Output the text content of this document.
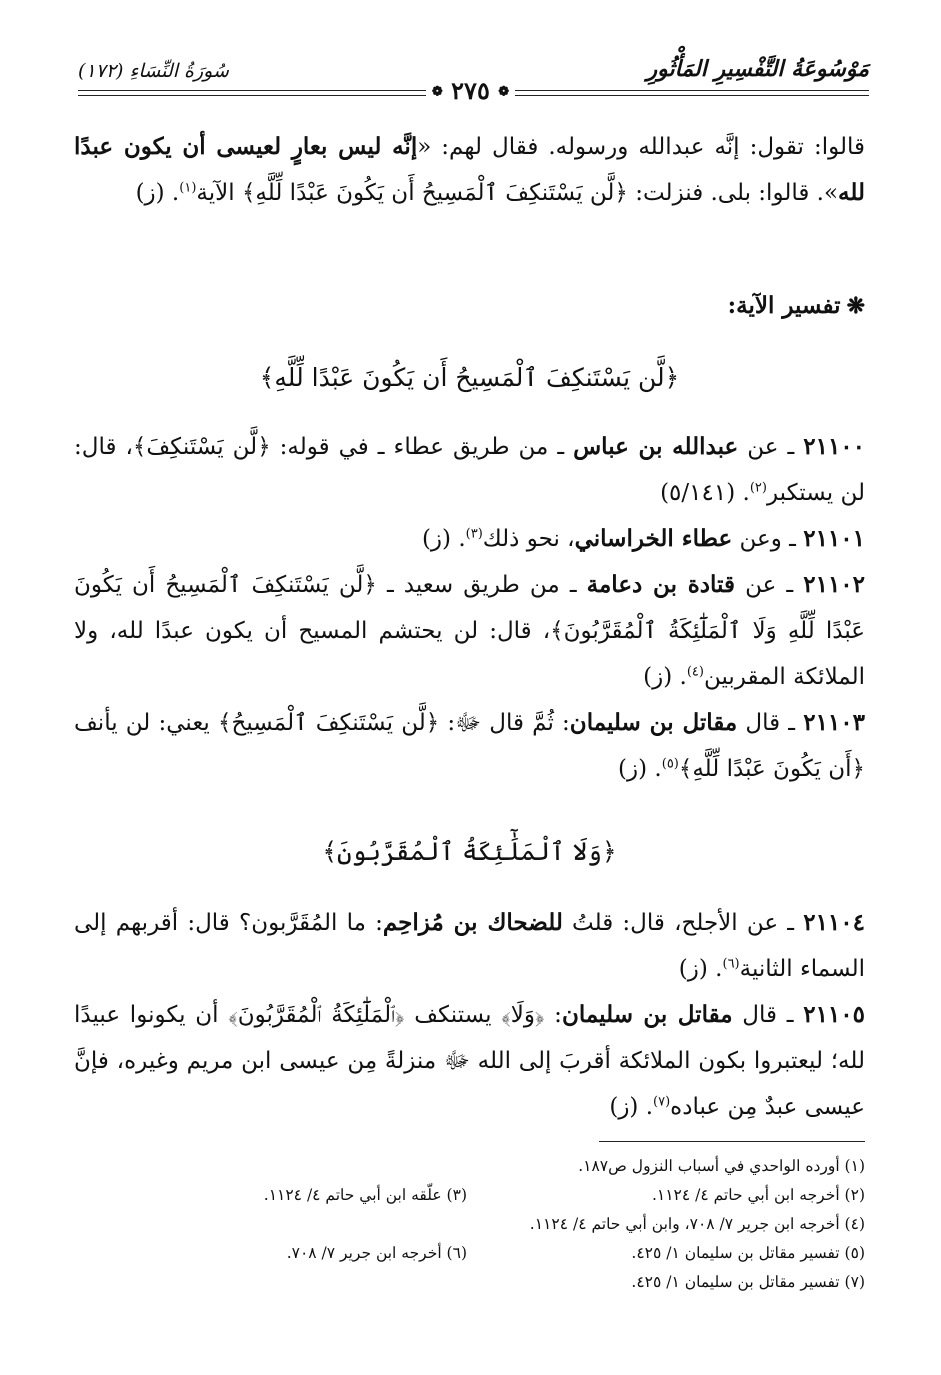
مَوْسُوعَةُ التَّفْسِيرِ المَأْثُورِ
سُورَةُ النِّسَاءِ (١٧٢)
❁ ٢٧٥ ❁

قالوا: تقول: إنَّه عبدالله ورسوله. فقال لهم: «إنَّه ليس بعارٍ لعيسى أن يكون عبدًا لله». قالوا: بلى. فنزلت: ﴿لَّن يَسْتَنكِفَ ٱلْمَسِيحُ أَن يَكُونَ عَبْدًا لِّلَّهِ﴾ الآية$^{(١)}$. (ز)

❋تفسير الآية:
﴿لَّن يَسْتَنكِفَ ٱلْمَسِيحُ أَن يَكُونَ عَبْدًا لِّلَّهِ﴾

٢١١٠٠ ـ عن عبدالله بن عباس ـ من طريق عطاء ـ في قوله: ﴿لَّن يَسْتَنكِفَ﴾، قال: لن يستكبر$^{(٢)}$. (٥/١٤١)

٢١١٠١ ـ وعن عطاء الخراساني، نحو ذلك$^{(٣)}$. (ز)

٢١١٠٢ ـ عن قتادة بن دعامة ـ من طريق سعيد ـ ﴿لَّن يَسْتَنكِفَ ٱلْمَسِيحُ أَن يَكُونَ عَبْدًا لِّلَّهِ وَلَا ٱلْمَلَٰٓئِكَةُ ٱلْمُقَرَّبُونَ﴾، قال: لن يحتشم المسيح أن يكون عبدًا لله، ولا الملائكة المقربين$^{(٤)}$. (ز)

٢١١٠٣ ـ قال مقاتل بن سليمان: ثُمَّ قال ﷻ: ﴿لَّن يَسْتَنكِفَ ٱلْمَسِيحُ﴾ يعني: لن يأنف ﴿أَن يَكُونَ عَبْدًا لِّلَّهِ﴾$^{(٥)}$. (ز)

﴿وَلَا ٱلْمَلَٰٓئِكَةُ ٱلْمُقَرَّبُونَ﴾

٢١١٠٤ ـ عن الأجلح، قال: قلتُ للضحاك بن مُزاحِم: ما المُقَرَّبون؟ قال: أقربهم إلى السماء الثانية$^{(٦)}$. (ز)

٢١١٠٥ ـ قال مقاتل بن سليمان: ﴿وَلَا﴾ يستنكف ﴿ٱلْمَلَٰٓئِكَةُ ٱلْمُقَرَّبُونَ﴾ أن يكونوا عبيدًا لله؛ ليعتبروا بكون الملائكة أقربَ إلى الله ﷻ منزلةً مِن عيسى ابن مريم وغيره، فإنَّ عيسى عبدٌ مِن عباده$^{(٧)}$. (ز)

(١) أورده الواحدي في أسباب النزول ص١٨٧.
(٢) أخرجه ابن أبي حاتم ٤/ ١١٢٤.
(٣) علّقه ابن أبي حاتم ٤/ ١١٢٤.
(٤) أخرجه ابن جرير ٧/ ٧٠٨، وابن أبي حاتم ٤/ ١١٢٤.
(٥) تفسير مقاتل بن سليمان ١/ ٤٢٥.
(٦) أخرجه ابن جرير ٧/ ٧٠٨.
(٧) تفسير مقاتل بن سليمان ١/ ٤٢٥.
